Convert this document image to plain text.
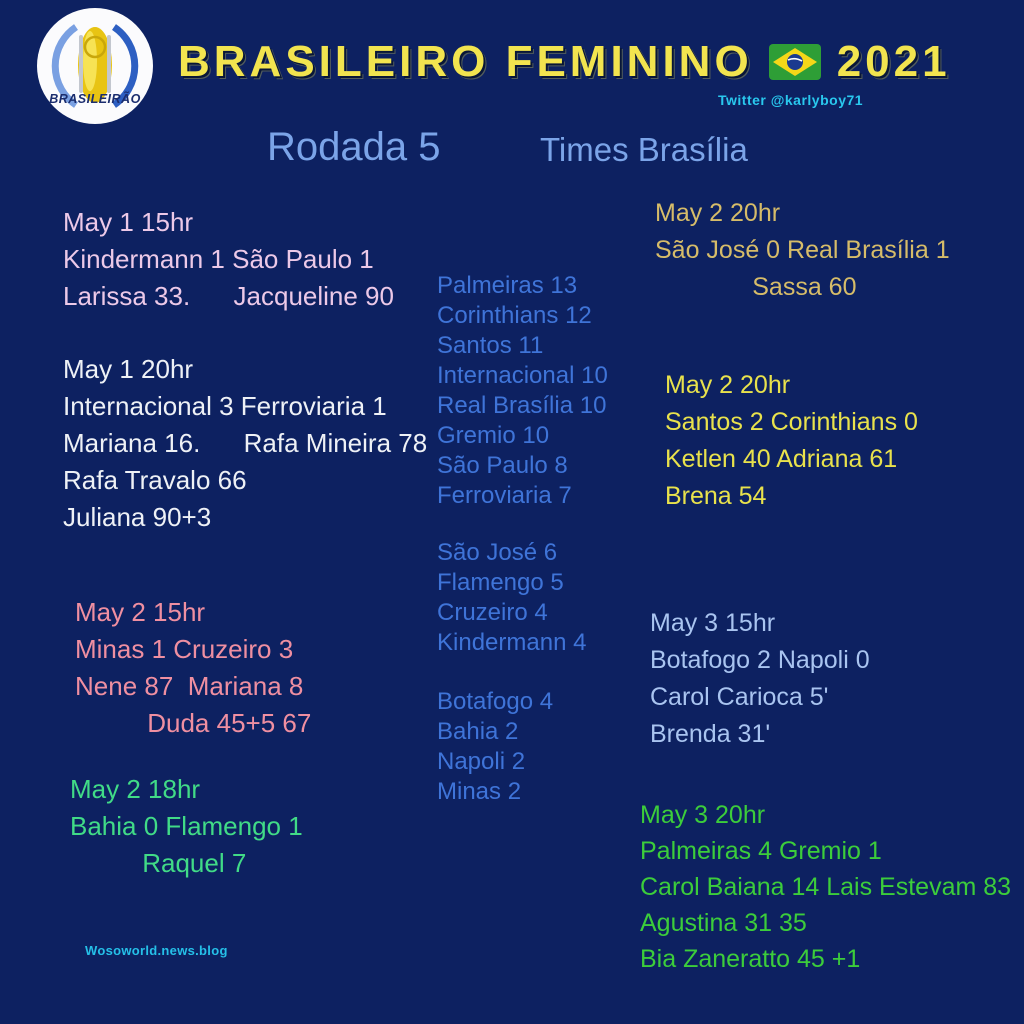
BRASILEIRÃO
BRASILEIRO FEMININO 2021
Twitter @karlyboy71
Rodada 5	Times Brasília
May 1 15hr
Kindermann 1 São Paulo 1
Larissa 33.      Jacqueline 90
May 1 20hr
Internacional 3 Ferroviaria 1
Mariana 16.      Rafa Mineira 78
Rafa Travalo 66
Juliana 90+3
May 2 15hr
Minas 1 Cruzeiro 3
Nene 87  Mariana 8
Duda 45+5 67
May 2 18hr
Bahia 0 Flamengo 1
Raquel 7
Palmeiras 13
Corinthians 12
Santos 11
Internacional 10
Real Brasília 10
Gremio 10
São Paulo 8
Ferroviaria 7
São José 6
Flamengo 5
Cruzeiro 4
Kindermann 4
Botafogo 4
Bahia 2
Napoli 2
Minas 2
May 2 20hr
São José 0 Real Brasília 1
Sassa 60
May 2 20hr
Santos 2 Corinthians 0
Ketlen 40 Adriana 61
Brena 54
May 3 15hr
Botafogo 2 Napoli 0
Carol Carioca 5'
Brenda 31'
May 3 20hr
Palmeiras 4 Gremio 1
Carol Baiana 14 Lais Estevam 83
Agustina 31 35
Bia Zaneratto 45 +1
Wosoworld.news.blog
